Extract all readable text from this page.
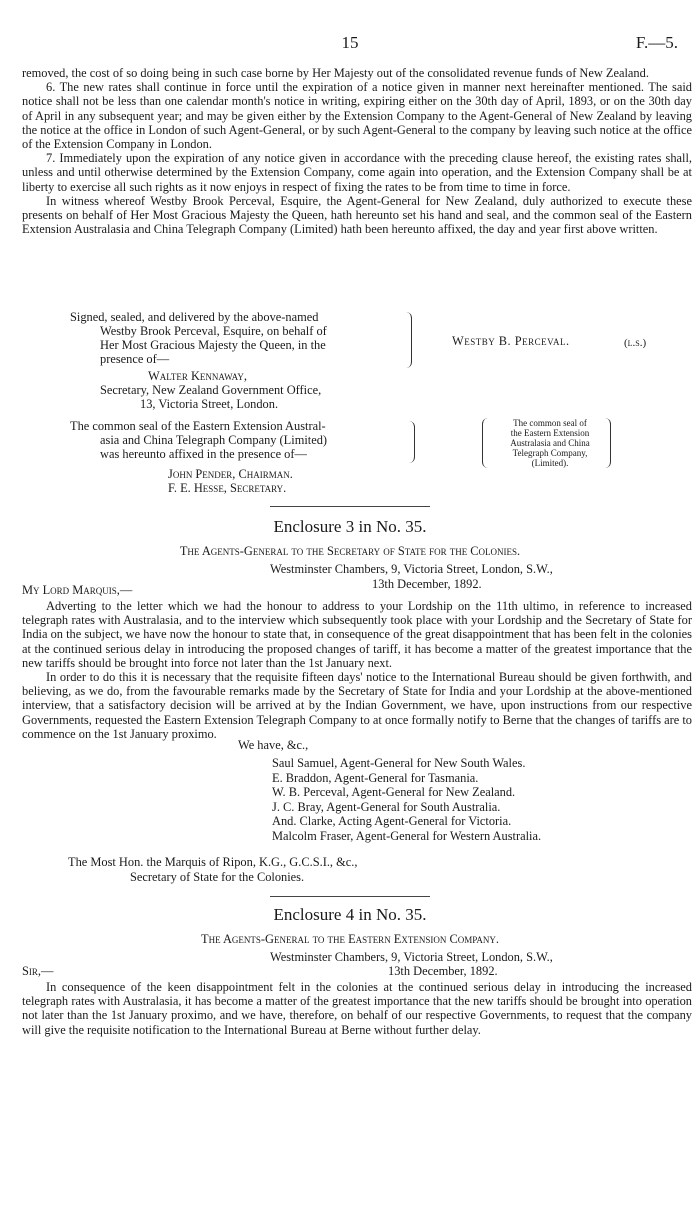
15	F.—5.

removed, the cost of so doing being in such case borne by Her Majesty out of the consolidated revenue funds of New Zealand.

6. The new rates shall continue in force until the expiration of a notice given in manner next hereinafter mentioned. The said notice shall not be less than one calendar month's notice in writing, expiring either on the 30th day of April, 1893, or on the 30th day of April in any subsequent year; and may be given either by the Extension Company to the Agent-General of New Zealand by leaving the notice at the office in London of such Agent-General, or by such Agent-General to the company by leaving such notice at the office of the Extension Company in London.

7. Immediately upon the expiration of any notice given in accordance with the preceding clause hereof, the existing rates shall, unless and until otherwise determined by the Extension Company, come again into operation, and the Extension Company shall be at liberty to exercise all such rights as it now enjoys in respect of fixing the rates to be from time to time in force.

In witness whereof Westby Brook Perceval, Esquire, the Agent-General for New Zealand, duly authorized to execute these presents on behalf of Her Most Gracious Majesty the Queen, hath hereunto set his hand and seal, and the common seal of the Eastern Extension Australasia and China Telegraph Company (Limited) hath been hereunto affixed, the day and year first above written.

Signed, sealed, and delivered by the above-named
Westby Brook Perceval, Esquire, on behalf of
Her Most Gracious Majesty the Queen, in the
presence of—
Westby B. Perceval.	(l.s.)
Walter Kennaway,
Secretary, New Zealand Government Office,
13, Victoria Street, London.
The common seal of the Eastern Extension Austral-
asia and China Telegraph Company (Limited)
was hereunto affixed in the presence of—
The common seal of
the Eastern Extension
Australasia and China
Telegraph Company,
(Limited).
John Pender, Chairman.
F. E. Hesse, Secretary.
Enclosure 3 in No. 35.
The Agents-General to the Secretary of State for the Colonies.
Westminster Chambers, 9, Victoria Street, London, S.W.,
13th December, 1892.
My Lord Marquis,—

Adverting to the letter which we had the honour to address to your Lordship on the 11th ultimo, in reference to increased telegraph rates with Australasia, and to the interview which subsequently took place with your Lordship and the Secretary of State for India on the subject, we have now the honour to state that, in consequence of the great disappointment that has been felt in the colonies at the continued serious delay in introducing the proposed changes of tariff, it has become a matter of the greatest importance that the new tariffs should be brought into force not later than the 1st January next.

In order to do this it is necessary that the requisite fifteen days' notice to the International Bureau should be given forthwith, and believing, as we do, from the favourable remarks made by the Secretary of State for India and your Lordship at the above-mentioned interview, that a satisfactory decision will be arrived at by the Indian Government, we have, upon instructions from our respective Governments, requested the Eastern Extension Telegraph Company to at once formally notify to Berne that the changes of tariffs are to commence on the 1st January proximo.

We have, &c.,
Saul Samuel, Agent-General for New South Wales.
E. Braddon, Agent-General for Tasmania.
W. B. Perceval, Agent-General for New Zealand.
J. C. Bray, Agent-General for South Australia.
And. Clarke, Acting Agent-General for Victoria.
Malcolm Fraser, Agent-General for Western Australia.
The Most Hon. the Marquis of Ripon, K.G., G.C.S.I., &c.,
Secretary of State for the Colonies.
Enclosure 4 in No. 35.
The Agents-General to the Eastern Extension Company.
Westminster Chambers, 9, Victoria Street, London, S.W.,
13th December, 1892.
Sir,—

In consequence of the keen disappointment felt in the colonies at the continued serious delay in introducing the increased telegraph rates with Australasia, it has become a matter of the greatest importance that the new tariffs should be brought into operation not later than the 1st January proximo, and we have, therefore, on behalf of our respective Governments, to request that the company will give the requisite notification to the International Bureau at Berne without further delay.
